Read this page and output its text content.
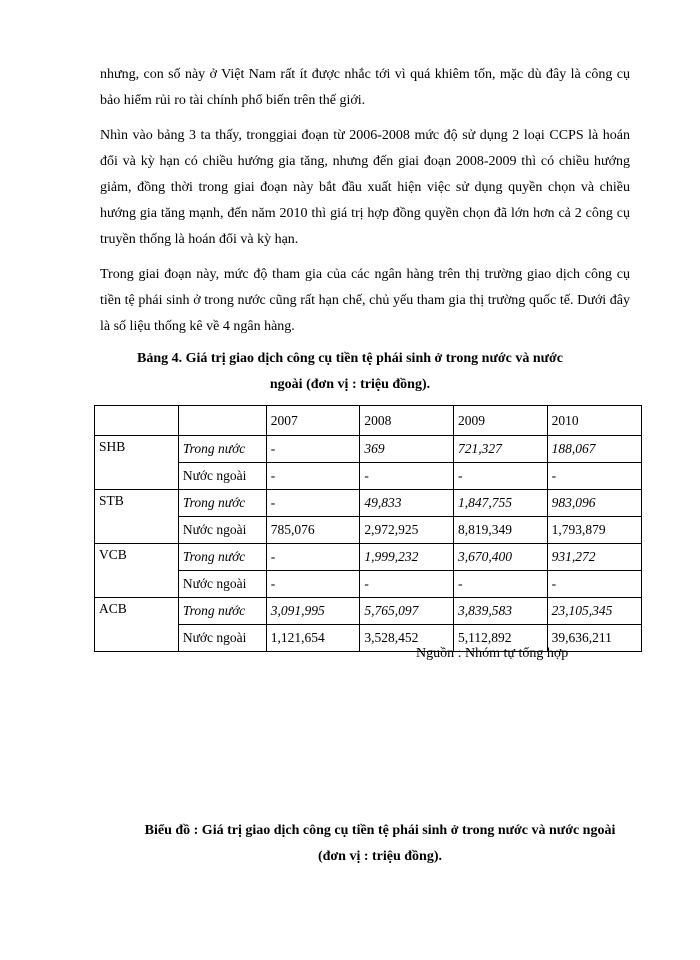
nhưng, con số này ở Việt Nam rất ít được nhắc tới vì quá khiêm tốn, mặc dù đây là công cụ bảo hiểm rủi ro tài chính phổ biến trên thế giới.
Nhìn vào bảng 3 ta thấy, tronggiai đoạn từ 2006-2008 mức độ sử dụng 2 loại CCPS là hoán đổi và kỳ hạn có chiều hướng gia tăng, nhưng đến giai đoạn 2008-2009 thì có chiều hướng giảm, đồng thời trong giai đoạn này bắt đầu xuất hiện việc sử dụng quyền chọn và chiều hướng gia tăng mạnh, đến năm 2010 thì giá trị hợp đồng quyền chọn đã lớn hơn cả 2 công cụ truyền thống là hoán đổi và kỳ hạn.
Trong giai đoạn này, mức độ tham gia của các ngân hàng trên thị trường giao dịch công cụ tiền tệ phái sinh ở trong nước cũng rất hạn chế, chủ yếu tham gia thị trường quốc tế. Dưới đây là số liệu thống kê về 4 ngân hàng.
Bảng 4. Giá trị giao dịch công cụ tiền tệ phái sinh ở trong nước và nước ngoài (đơn vị : triệu đồng).
		2007	2008	2009	2010
SHB	Trong nước	-	369	721,327	188,067
	Nước ngoài	-	-	-	-
STB	Trong nước	-	49,833	1,847,755	983,096
	Nước ngoài	785,076	2,972,925	8,819,349	1,793,879
VCB	Trong nước	-	1,999,232	3,670,400	931,272
	Nước ngoài	-	-	-	-
ACB	Trong nước	3,091,995	5,765,097	3,839,583	23,105,345
	Nước ngoài	1,121,654	3,528,452	5,112,892	39,636,211
Nguồn : Nhóm tự tổng hợp
Biểu đồ : Giá trị giao dịch công cụ tiền tệ phái sinh ở trong nước và nước ngoài (đơn vị : triệu đồng).
